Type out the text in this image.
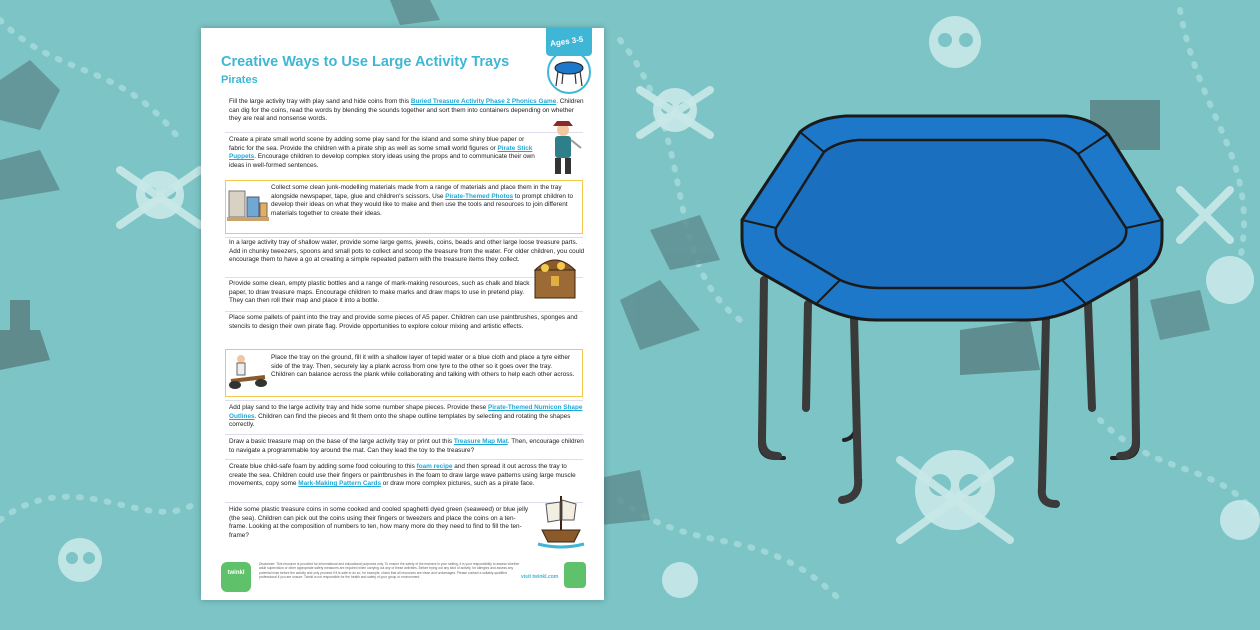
Creative Ways to Use Large Activity Trays
Pirates
Ages 3-5

Fill the large activity tray with play sand and hide coins from this Buried Treasure Activity Phase 2 Phonics Game. Children can dig for the coins, read the words by blending the sounds together and sort them into containers depending on whether they are real and nonsense words.

Create a pirate small world scene by adding some play sand for the island and some shiny blue paper or fabric for the sea. Provide the children with a pirate ship as well as some small world figures or Pirate Stick Puppets. Encourage children to develop complex story ideas using the props and to communicate their own ideas in well-formed sentences.

Collect some clean junk-modelling materials made from a range of materials and place them in the tray alongside newspaper, tape, glue and children's scissors. Use Pirate-Themed Photos to prompt children to develop their ideas on what they would like to make and then use the tools and resources to join different materials together to create their ideas.

In a large activity tray of shallow water, provide some large gems, jewels, coins, beads and other large loose treasure parts. Add in chunky tweezers, spoons and small pots to collect and scoop the treasure from the water. For older children, you could encourage them to have a go at creating a simple repeated pattern with the treasure items they collect.

Provide some clean, empty plastic bottles and a range of mark-making resources, such as chalk and black paper, to draw treasure maps. Encourage children to make marks and draw maps to use in pretend play. They can then roll their map and place it into a bottle.

Place some pallets of paint into the tray and provide some pieces of A5 paper. Children can use paintbrushes, sponges and stencils to design their own pirate flag. Provide opportunities to explore colour mixing and artistic effects.

Place the tray on the ground, fill it with a shallow layer of tepid water or a blue cloth and place a tyre either side of the tray. Then, securely lay a plank across from one tyre to the other so it goes over the tray. Children can balance across the plank while collaborating and talking with others to help each other across.

Add play sand to the large activity tray and hide some number shape pieces. Provide these Pirate-Themed Numicon Shape Outlines. Children can find the pieces and fit them onto the shape outline templates by selecting and rotating the shapes correctly.

Draw a basic treasure map on the base of the large activity tray or print out this Treasure Map Mat. Then, encourage children to navigate a programmable toy around the mat. Can they lead the toy to the treasure?

Create blue child-safe foam by adding some food colouring to this foam recipe and then spread it out across the tray to create the sea. Children could use their fingers or paintbrushes in the foam to draw large wave patterns using large muscle movements, copy some Mark-Making Pattern Cards or draw more complex pictures, such as a pirate face.

Hide some plastic treasure coins in some cooked and cooled spaghetti dyed green (seaweed) or blue jelly (the sea). Children can pick out the coins using their fingers or tweezers and place the coins on a ten-frame. Looking at the composition of numbers to ten, how many more do they need to find to fill the ten-frame?

twinkl
Disclaimer: This resource is provided for informational and educational purposes only. To ensure the safety of the learners in your setting, it is your responsibility to assess whether adult supervision or other appropriate safety measures are required when carrying out any of these activities. Before trying out any kind of activity, for allergies and assess any potential risks before the activity and only proceed if it is safe to do so, for example, check that all resources are clean and undamaged. Please contact a suitably-qualified professional if you are unsure. Twinkl is not responsible for the health and safety of your group or environment.	visit twinkl.com
